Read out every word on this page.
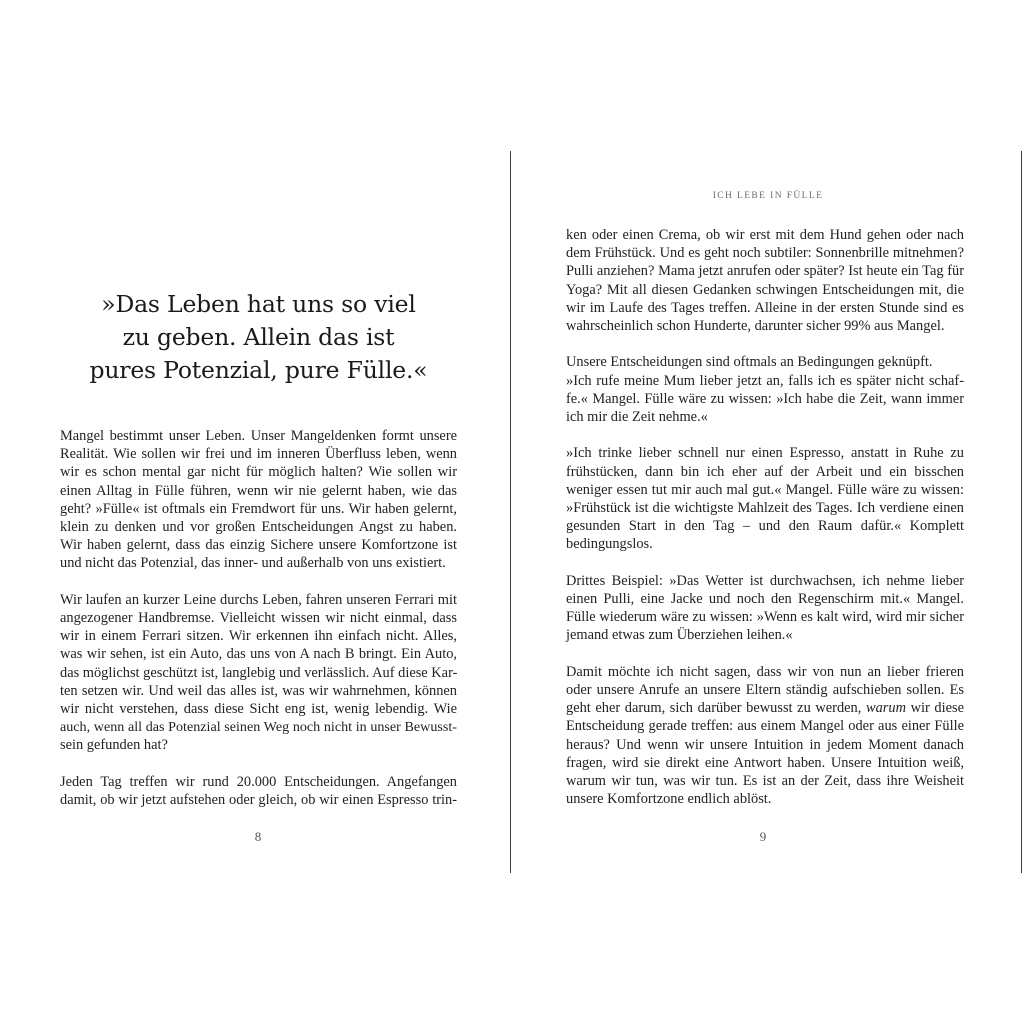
»Das Leben hat uns so viel
zu geben. Allein das ist
pures Potenzial, pure Fülle.«

Mangel bestimmt unser Leben. Unser Mangeldenken formt unsere
Realität. Wie sollen wir frei und im inneren Überfluss leben, wenn
wir es schon mental gar nicht für möglich halten? Wie sollen wir
einen Alltag in Fülle führen, wenn wir nie gelernt haben, wie das
geht? »Fülle« ist oftmals ein Fremdwort für uns. Wir haben gelernt,
klein zu denken und vor großen Entscheidungen Angst zu haben.
Wir haben gelernt, dass das einzig Sichere unsere Komfortzone ist
und nicht das Potenzial, das inner- und außerhalb von uns existiert.

Wir laufen an kurzer Leine durchs Leben, fahren unseren Ferrari mit
angezogener Handbremse. Vielleicht wissen wir nicht einmal, dass
wir in einem Ferrari sitzen. Wir erkennen ihn einfach nicht. Alles,
was wir sehen, ist ein Auto, das uns von A nach B bringt. Ein Auto,
das möglichst geschützt ist, langlebig und verlässlich. Auf diese Kar-
ten setzen wir. Und weil das alles ist, was wir wahrnehmen, können
wir nicht verstehen, dass diese Sicht eng ist, wenig lebendig. Wie
auch, wenn all das Potenzial seinen Weg noch nicht in unser Bewusst-
sein gefunden hat?

Jeden Tag treffen wir rund 20.000 Entscheidungen. Angefangen
damit, ob wir jetzt aufstehen oder gleich, ob wir einen Espresso trin-

8
ICH LEBE IN FÜLLE

ken oder einen Crema, ob wir erst mit dem Hund gehen oder nach
dem Frühstück. Und es geht noch subtiler: Sonnenbrille mitnehmen?
Pulli anziehen? Mama jetzt anrufen oder später? Ist heute ein Tag für
Yoga? Mit all diesen Gedanken schwingen Entscheidungen mit, die
wir im Laufe des Tages treffen. Alleine in der ersten Stunde sind es
wahrscheinlich schon Hunderte, darunter sicher 99% aus Mangel.

Unsere Entscheidungen sind oftmals an Bedingungen geknüpft.
»Ich rufe meine Mum lieber jetzt an, falls ich es später nicht schaf-
fe.« Mangel. Fülle wäre zu wissen: »Ich habe die Zeit, wann immer
ich mir die Zeit nehme.«

»Ich trinke lieber schnell nur einen Espresso, anstatt in Ruhe zu
frühstücken, dann bin ich eher auf der Arbeit und ein bisschen
weniger essen tut mir auch mal gut.« Mangel. Fülle wäre zu wissen:
»Frühstück ist die wichtigste Mahlzeit des Tages. Ich verdiene einen
gesunden Start in den Tag – und den Raum dafür.« Komplett
bedingungslos.

Drittes Beispiel: »Das Wetter ist durchwachsen, ich nehme lieber
einen Pulli, eine Jacke und noch den Regenschirm mit.« Mangel.
Fülle wiederum wäre zu wissen: »Wenn es kalt wird, wird mir sicher
jemand etwas zum Überziehen leihen.«

Damit möchte ich nicht sagen, dass wir von nun an lieber frieren
oder unsere Anrufe an unsere Eltern ständig aufschieben sollen. Es
geht eher darum, sich darüber bewusst zu werden, warum wir diese
Entscheidung gerade treffen: aus einem Mangel oder aus einer Fülle
heraus? Und wenn wir unsere Intuition in jedem Moment danach
fragen, wird sie direkt eine Antwort haben. Unsere Intuition weiß,
warum wir tun, was wir tun. Es ist an der Zeit, dass ihre Weisheit
unsere Komfortzone endlich ablöst.

9
